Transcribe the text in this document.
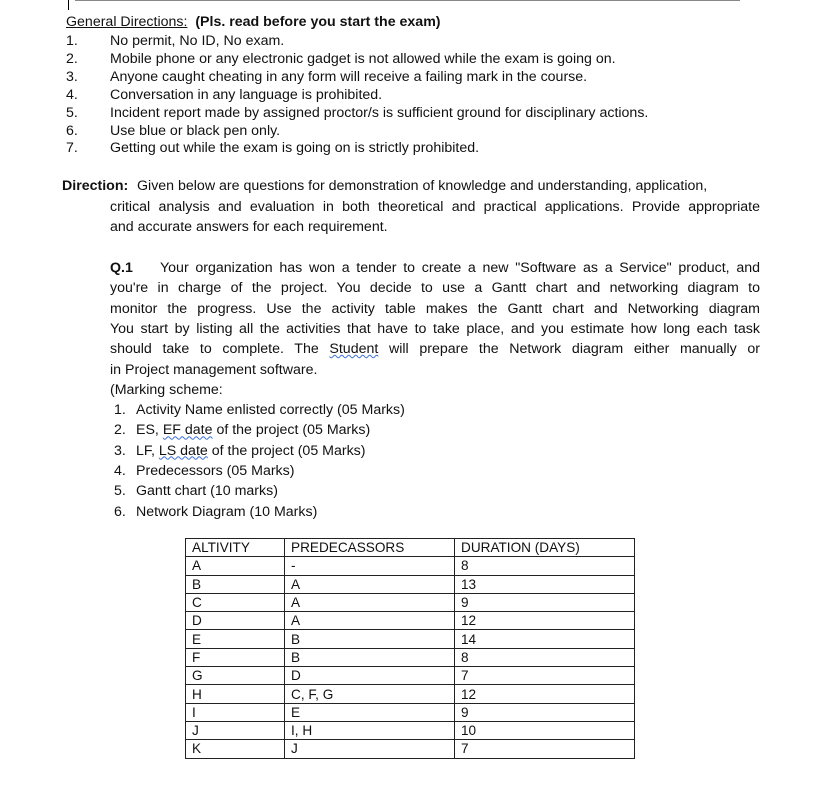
General Directions: (Pls. read before you start the exam)
1. No permit, No ID, No exam.
2. Mobile phone or any electronic gadget is not allowed while the exam is going on.
3. Anyone caught cheating in any form will receive a failing mark in the course.
4. Conversation in any language is prohibited.
5. Incident report made by assigned proctor/s is sufficient ground for disciplinary actions.
6. Use blue or black pen only.
7. Getting out while the exam is going on is strictly prohibited.
Direction: Given below are questions for demonstration of knowledge and understanding, application,
critical analysis and evaluation in both theoretical and practical applications. Provide appropriate
and accurate answers for each requirement.
Q.1 Your organization has won a tender to create a new "Software as a Service" product, and
you're in charge of the project. You decide to use a Gantt chart and networking diagram to
monitor the progress. Use the activity table makes the Gantt chart and Networking diagram
You start by listing all the activities that have to take place, and you estimate how long each task
should take to complete. The Student will prepare the Network diagram either manually or
in Project management software.
(Marking scheme:
1. Activity Name enlisted correctly (05 Marks)
2. ES, EF date of the project (05 Marks)
3. LF, LS date of the project (05 Marks)
4. Predecessors (05 Marks)
5. Gantt chart (10 marks)
6. Network Diagram (10 Marks)
ALTIVITY	PREDECASSORS	DURATION (DAYS)
A	-	8
B	A	13
C	A	9
D	A	12
E	B	14
F	B	8
G	D	7
H	C, F, G	12
I	E	9
J	I, H	10
K	J	7
